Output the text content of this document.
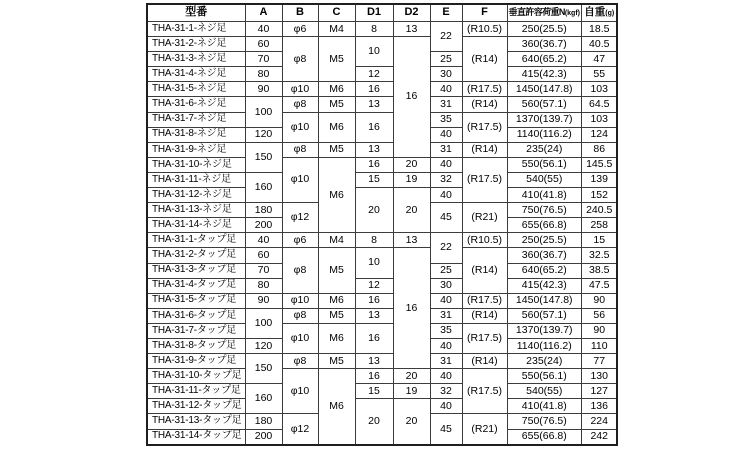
型番	A	B	C	D1	D2	E	F	垂直許容荷重N(kgf)	自重(g)
THA-31-1-ネジ足	40	φ6	M4	8	13	22	(R10.5)	250(25.5)	18.5
THA-31-2-ネジ足	60	φ8	M5	10	16		(R14)	360(36.7)	40.5
THA-31-3-ネジ足	70					25		640(65.2)	47
THA-31-4-ネジ足	80			12		30		415(42.3)	55
THA-31-5-ネジ足	90	φ10	M6	16		40	(R17.5)	1450(147.8)	103
THA-31-6-ネジ足	100	φ8	M5	13		31	(R14)	560(57.1)	64.5
THA-31-7-ネジ足		φ10	M6	16		35	(R17.5)	1370(139.7)	103
THA-31-8-ネジ足	120					40		1140(116.2)	124
THA-31-9-ネジ足	150	φ8	M5	13		31	(R14)	235(24)	86
THA-31-10-ネジ足		φ10	M6	16	20	40	(R17.5)	550(56.1)	145.5
THA-31-11-ネジ足	160			15	19	32		540(55)	139
THA-31-12-ネジ足				20	20	40		410(41.8)	152
THA-31-13-ネジ足	180	φ12				45	(R21)	750(76.5)	240.5
THA-31-14-ネジ足	200							655(66.8)	258
THA-31-1-タップ足	40	φ6	M4	8	13	22	(R10.5)	250(25.5)	15
THA-31-2-タップ足	60	φ8	M5	10	16		(R14)	360(36.7)	32.5
THA-31-3-タップ足	70					25		640(65.2)	38.5
THA-31-4-タップ足	80			12		30		415(42.3)	47.5
THA-31-5-タップ足	90	φ10	M6	16		40	(R17.5)	1450(147.8)	90
THA-31-6-タップ足	100	φ8	M5	13		31	(R14)	560(57.1)	56
THA-31-7-タップ足		φ10	M6	16		35	(R17.5)	1370(139.7)	90
THA-31-8-タップ足	120					40		1140(116.2)	110
THA-31-9-タップ足	150	φ8	M5	13		31	(R14)	235(24)	77
THA-31-10-タップ足		φ10	M6	16	20	40	(R17.5)	550(56.1)	130
THA-31-11-タップ足	160			15	19	32		540(55)	127
THA-31-12-タップ足				20	20	40		410(41.8)	136
THA-31-13-タップ足	180	φ12				45	(R21)	750(76.5)	224
THA-31-14-タップ足	200							655(66.8)	242
